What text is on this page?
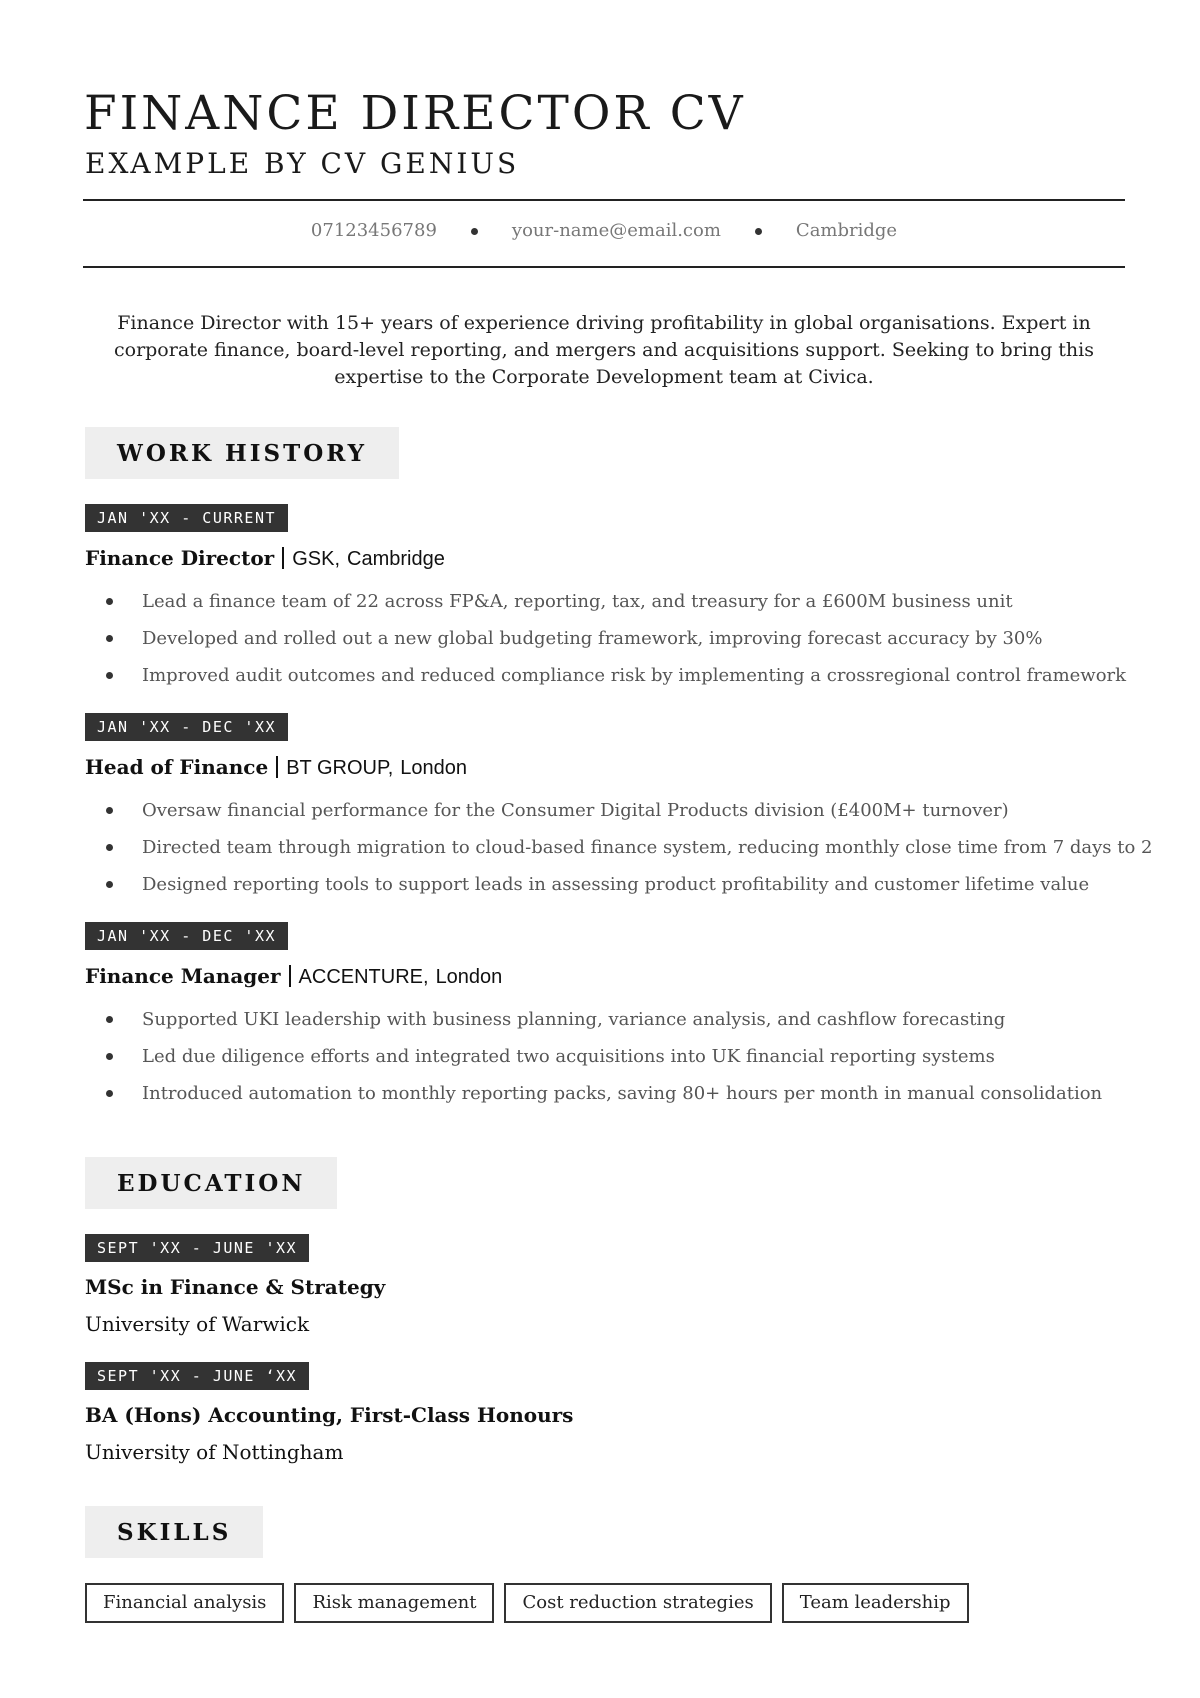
FINANCE DIRECTOR CV
EXAMPLE BY CV GENIUS
07123456789	your-name@email.com	Cambridge

Finance Director with 15+ years of experience driving profitability in global organisations. Expert in corporate finance, board-level reporting, and mergers and acquisitions support. Seeking to bring this expertise to the Corporate Development team at Civica.

WORK HISTORY
JAN 'XX - CURRENT
Finance Director GSK, Cambridge
Lead a finance team of 22 across FP&A, reporting, tax, and treasury for a £600M business unit
Developed and rolled out a new global budgeting framework, improving forecast accuracy by 30%
Improved audit outcomes and reduced compliance risk by implementing a crossregional control framework
JAN 'XX - DEC 'XX
Head of Finance BT GROUP, London
Oversaw financial performance for the Consumer Digital Products division (£400M+ turnover)
Directed team through migration to cloud-based finance system, reducing monthly close time from 7 days to 2
Designed reporting tools to support leads in assessing product profitability and customer lifetime value
JAN 'XX - DEC 'XX
Finance Manager ACCENTURE, London
Supported UKI leadership with business planning, variance analysis, and cashflow forecasting
Led due diligence efforts and integrated two acquisitions into UK financial reporting systems
Introduced automation to monthly reporting packs, saving 80+ hours per month in manual consolidation
EDUCATION
SEPT 'XX - JUNE 'XX
MSc in Finance & Strategy
University of Warwick
SEPT 'XX - JUNE ‘XX
BA (Hons) Accounting, First-Class Honours
University of Nottingham
SKILLS
Financial analysis	Risk management	Cost reduction strategies	Team leadership
